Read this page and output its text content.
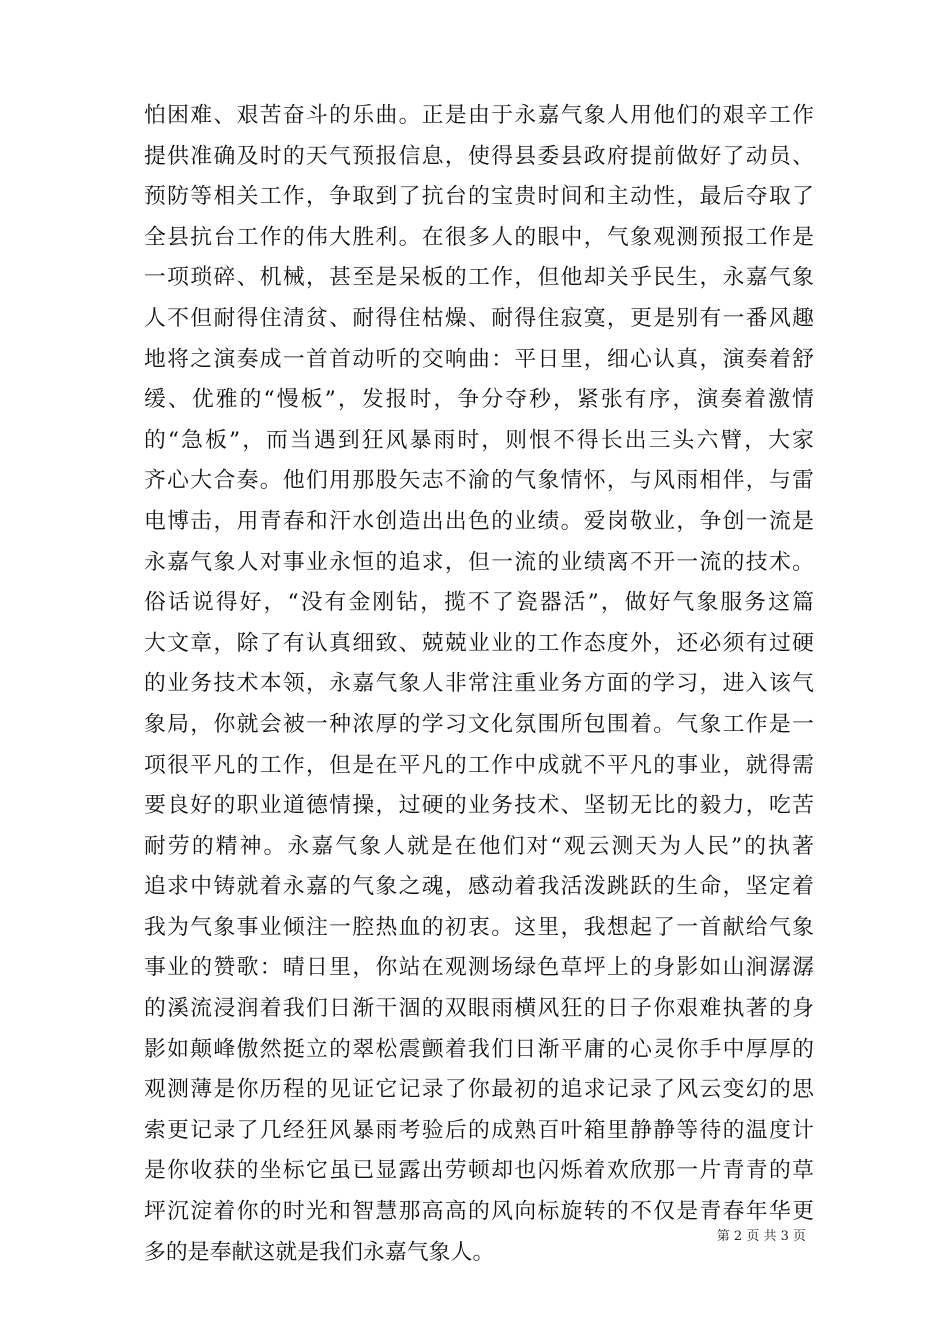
怕困难、艰苦奋斗的乐曲。正是由于永嘉气象人用他们的艰辛工作
提供准确及时的天气预报信息，使得县委县政府提前做好了动员、
预防等相关工作，争取到了抗台的宝贵时间和主动性，最后夺取了
全县抗台工作的伟大胜利。在很多人的眼中，气象观测预报工作是
一项琐碎、机械，甚至是呆板的工作，但他却关乎民生，永嘉气象
人不但耐得住清贫、耐得住枯燥、耐得住寂寞，更是别有一番风趣
地将之演奏成一首首动听的交响曲：平日里，细心认真，演奏着舒
缓、优雅的“慢板”，发报时，争分夺秒，紧张有序，演奏着激情
的“急板”，而当遇到狂风暴雨时，则恨不得长出三头六臂，大家
齐心大合奏。他们用那股矢志不渝的气象情怀，与风雨相伴，与雷
电博击，用青春和汗水创造出出色的业绩。爱岗敬业，争创一流是
永嘉气象人对事业永恒的追求，但一流的业绩离不开一流的技术。
俗话说得好，“没有金刚钻，揽不了瓷器活”，做好气象服务这篇
大文章，除了有认真细致、兢兢业业的工作态度外，还必须有过硬
的业务技术本领，永嘉气象人非常注重业务方面的学习，进入该气
象局，你就会被一种浓厚的学习文化氛围所包围着。气象工作是一
项很平凡的工作，但是在平凡的工作中成就不平凡的事业，就得需
要良好的职业道德情操，过硬的业务技术、坚韧无比的毅力，吃苦
耐劳的精神。永嘉气象人就是在他们对“观云测天为人民”的执著
追求中铸就着永嘉的气象之魂，感动着我活泼跳跃的生命，坚定着
我为气象事业倾注一腔热血的初衷。这里，我想起了一首献给气象
事业的赞歌：晴日里，你站在观测场绿色草坪上的身影如山涧潺潺
的溪流浸润着我们日渐干涸的双眼雨横风狂的日子你艰难执著的身
影如颠峰傲然挺立的翠松震颤着我们日渐平庸的心灵你手中厚厚的
观测薄是你历程的见证它记录了你最初的追求记录了风云变幻的思
索更记录了几经狂风暴雨考验后的成熟百叶箱里静静等待的温度计
是你收获的坐标它虽已显露出劳顿却也闪烁着欢欣那一片青青的草
坪沉淀着你的时光和智慧那高高的风向标旋转的不仅是青春年华更
多的是奉献这就是我们永嘉气象人。
第 2 页 共 3 页
